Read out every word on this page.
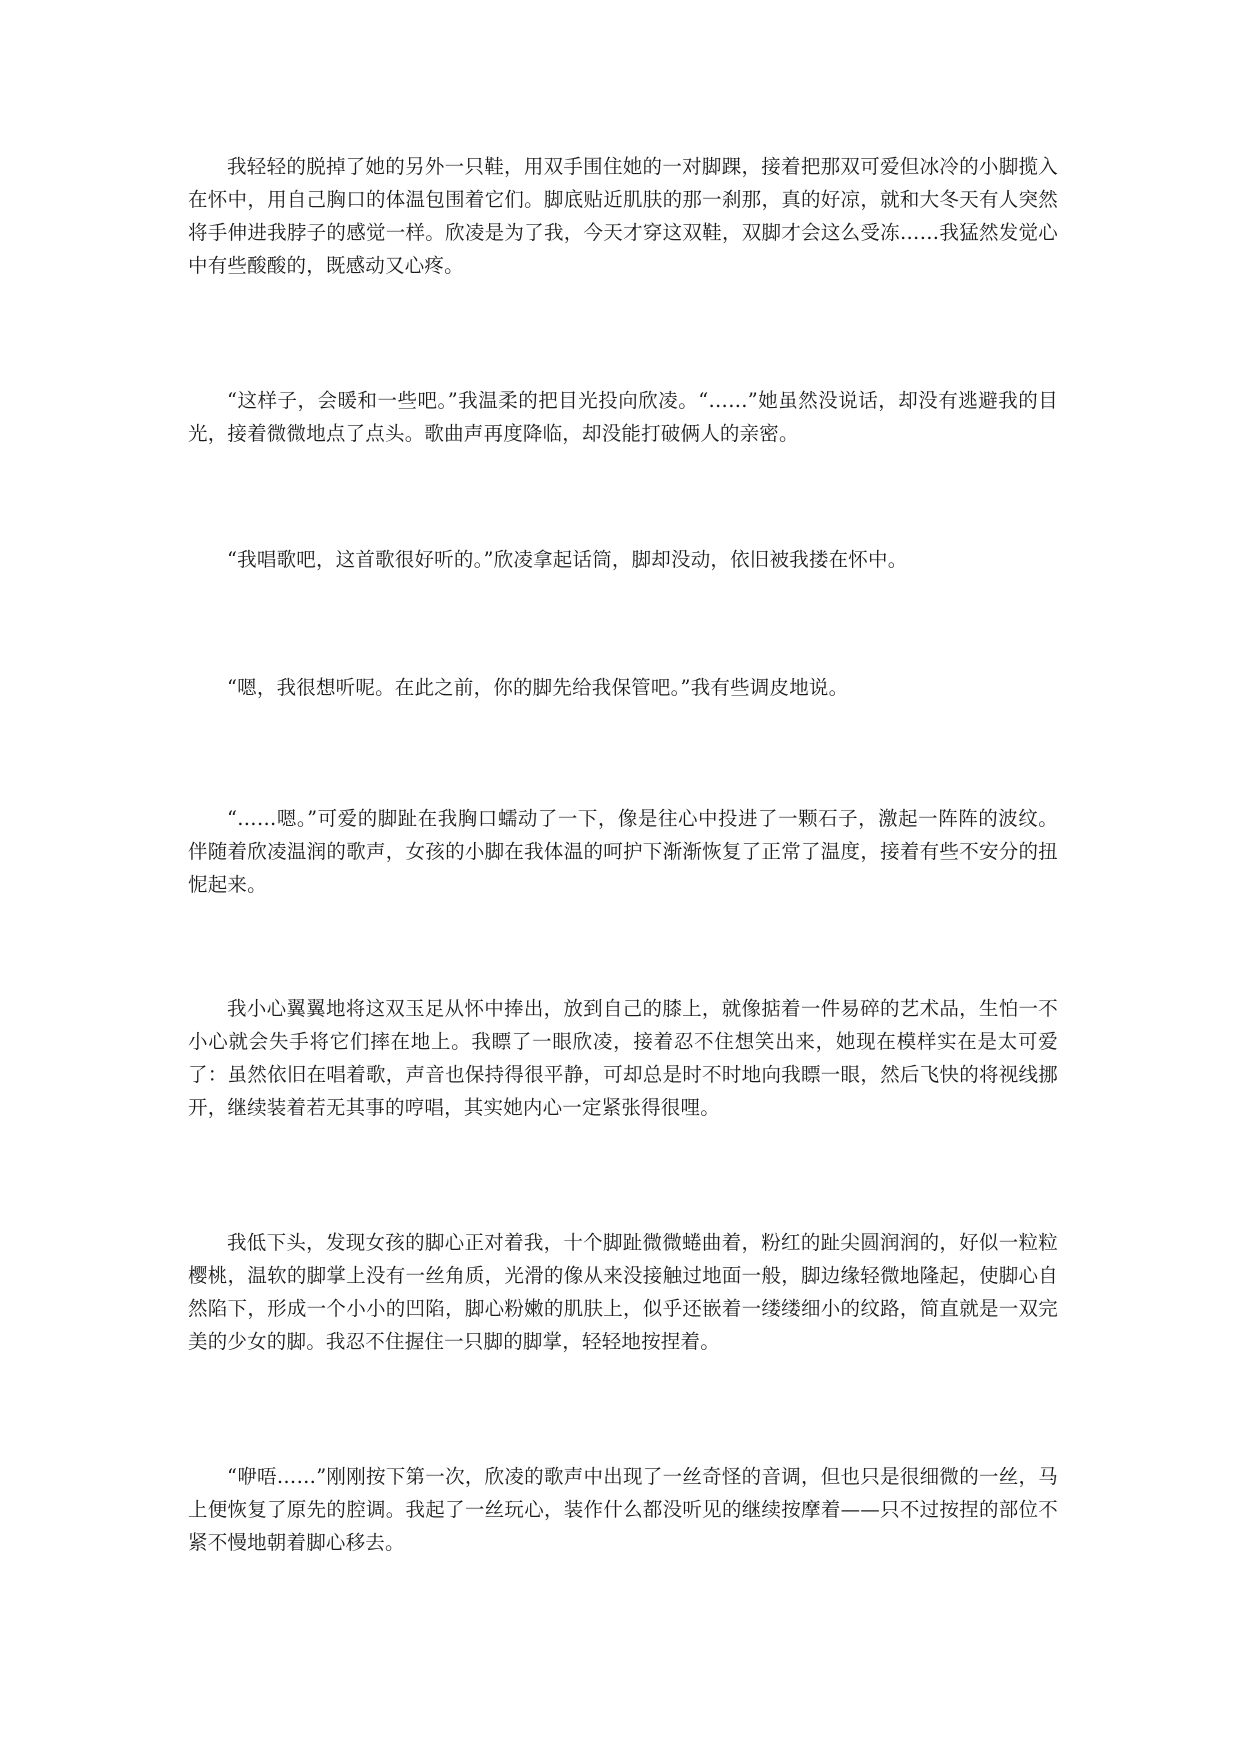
我轻轻的脱掉了她的另外一只鞋，用双手围住她的一对脚踝，接着把那双可爱但冰冷的小脚揽入在怀中，用自己胸口的体温包围着它们。脚底贴近肌肤的那一刹那，真的好凉，就和大冬天有人突然将手伸进我脖子的感觉一样。欣凌是为了我，今天才穿这双鞋，双脚才会这么受冻……我猛然发觉心中有些酸酸的，既感动又心疼。

“这样子，会暖和一些吧。”我温柔的把目光投向欣凌。“……”她虽然没说话，却没有逃避我的目光，接着微微地点了点头。歌曲声再度降临，却没能打破俩人的亲密。

“我唱歌吧，这首歌很好听的。”欣凌拿起话筒，脚却没动，依旧被我搂在怀中。

“嗯，我很想听呢。在此之前，你的脚先给我保管吧。”我有些调皮地说。

“……嗯。”可爱的脚趾在我胸口蠕动了一下，像是往心中投进了一颗石子，激起一阵阵的波纹。伴随着欣凌温润的歌声，女孩的小脚在我体温的呵护下渐渐恢复了正常了温度，接着有些不安分的扭怩起来。

我小心翼翼地将这双玉足从怀中捧出，放到自己的膝上，就像掂着一件易碎的艺术品，生怕一不小心就会失手将它们摔在地上。我瞟了一眼欣凌，接着忍不住想笑出来，她现在模样实在是太可爱了：虽然依旧在唱着歌，声音也保持得很平静，可却总是时不时地向我瞟一眼，然后飞快的将视线挪开，继续装着若无其事的哼唱，其实她内心一定紧张得很哩。

我低下头，发现女孩的脚心正对着我，十个脚趾微微蜷曲着，粉红的趾尖圆润润的，好似一粒粒樱桃，温软的脚掌上没有一丝角质，光滑的像从来没接触过地面一般，脚边缘轻微地隆起，使脚心自然陷下，形成一个小小的凹陷，脚心粉嫩的肌肤上，似乎还嵌着一缕缕细小的纹路，简直就是一双完美的少女的脚。我忍不住握住一只脚的脚掌，轻轻地按捏着。

“咿唔……”刚刚按下第一次，欣凌的歌声中出现了一丝奇怪的音调，但也只是很细微的一丝，马上便恢复了原先的腔调。我起了一丝玩心，装作什么都没听见的继续按摩着——只不过按捏的部位不紧不慢地朝着脚心移去。
